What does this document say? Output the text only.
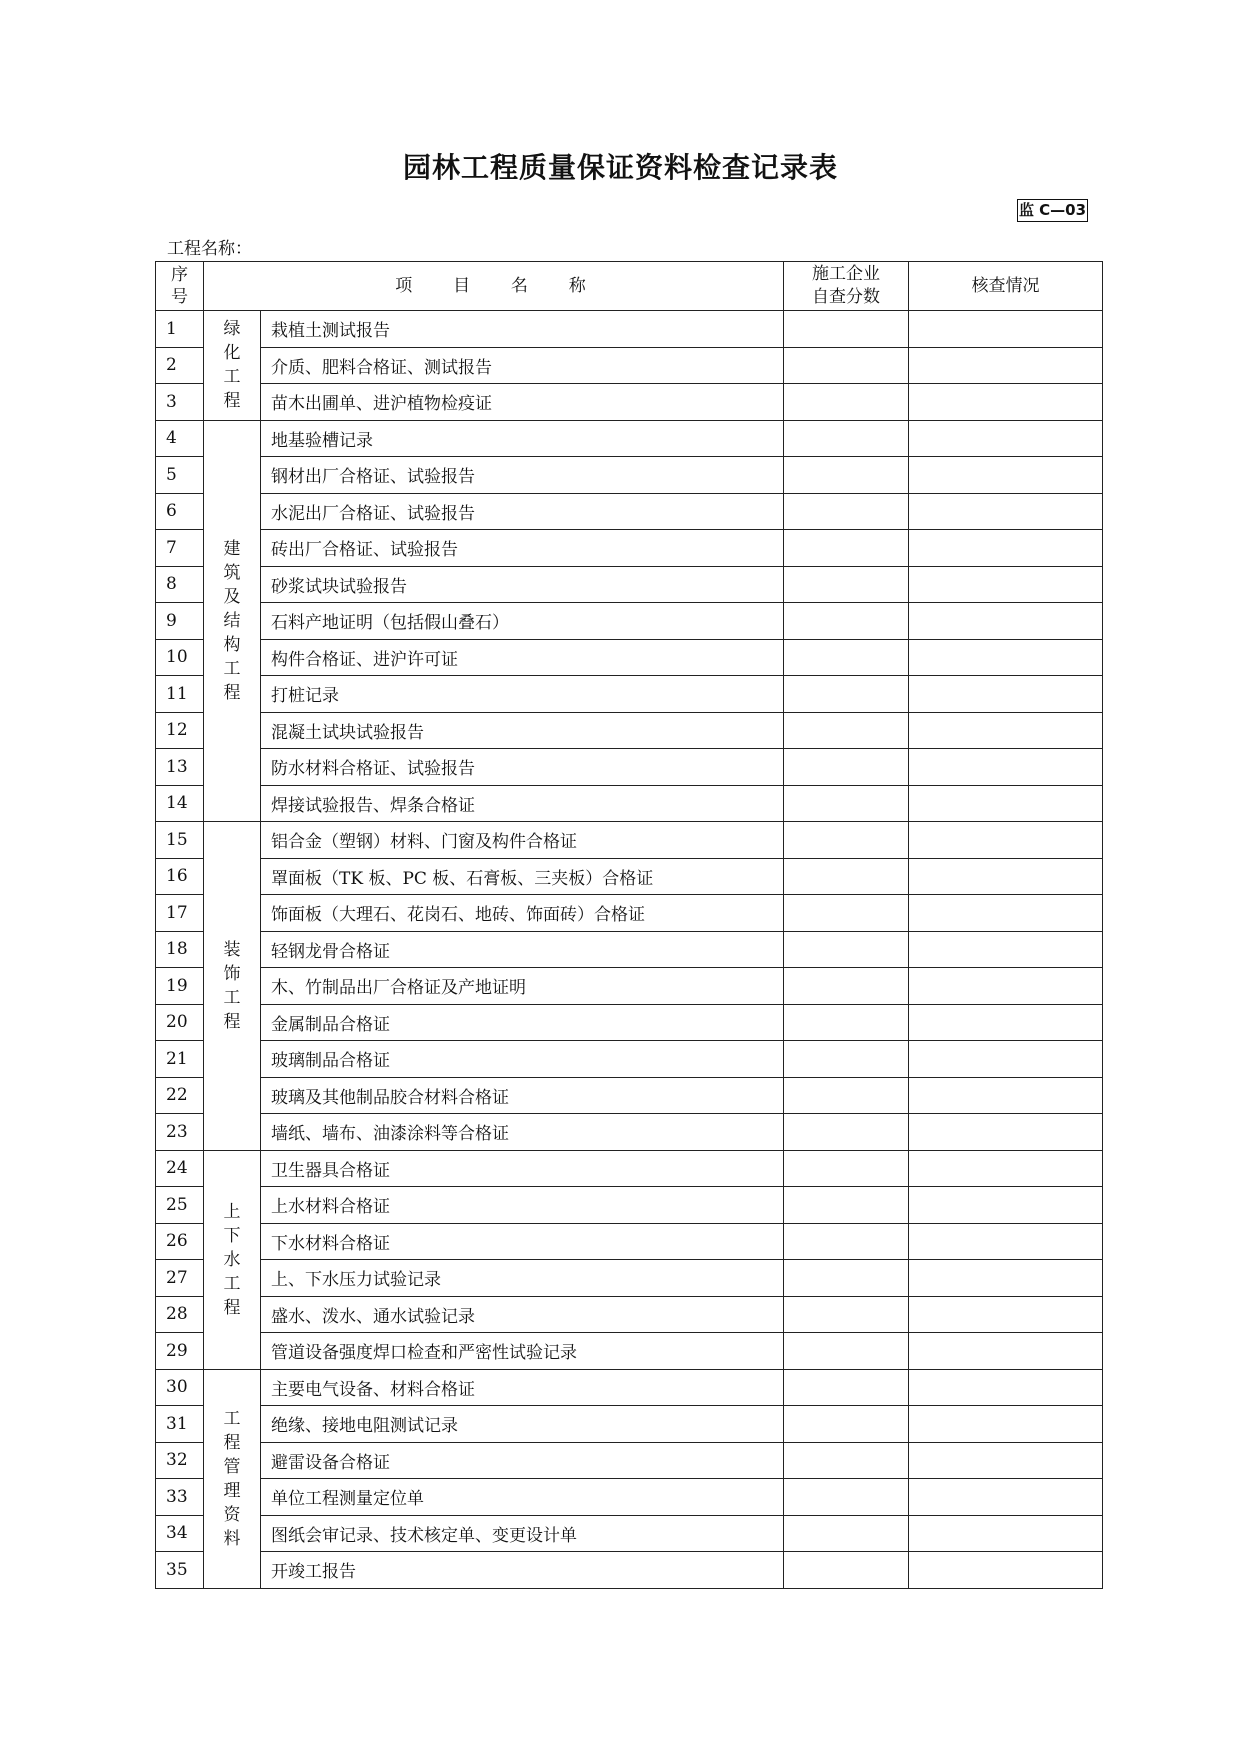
园林工程质量保证资料检查记录表
监 C—03
工程名称：
序号	项  目  名  称		施工企业自查分数	核查情况
1	绿化工程	栽植土测试报告		
2		介质、肥料合格证、测试报告		
3		苗木出圃单、进沪植物检疫证		
4	建筑及结构工程	地基验槽记录		
5		钢材出厂合格证、试验报告		
6		水泥出厂合格证、试验报告		
7		砖出厂合格证、试验报告		
8		砂浆试块试验报告		
9		石料产地证明（包括假山叠石）		
10		构件合格证、进沪许可证		
11		打桩记录		
12		混凝土试块试验报告		
13		防水材料合格证、试验报告		
14		焊接试验报告、焊条合格证		
15	装饰工程	铝合金（塑钢）材料、门窗及构件合格证		
16		罩面板（TK 板、PC 板、石膏板、三夹板）合格证		
17		饰面板（大理石、花岗石、地砖、饰面砖）合格证		
18		轻钢龙骨合格证		
19		木、竹制品出厂合格证及产地证明		
20		金属制品合格证		
21		玻璃制品合格证		
22		玻璃及其他制品胶合材料合格证		
23		墙纸、墙布、油漆涂料等合格证		
24	上下水工程	卫生器具合格证		
25		上水材料合格证		
26		下水材料合格证		
27		上、下水压力试验记录		
28		盛水、泼水、通水试验记录		
29		管道设备强度焊口检查和严密性试验记录		
30	工程管理资料	主要电气设备、材料合格证		
31		绝缘、接地电阻测试记录		
32		避雷设备合格证		
33		单位工程测量定位单		
34		图纸会审记录、技术核定单、变更设计单		
35		开竣工报告		
